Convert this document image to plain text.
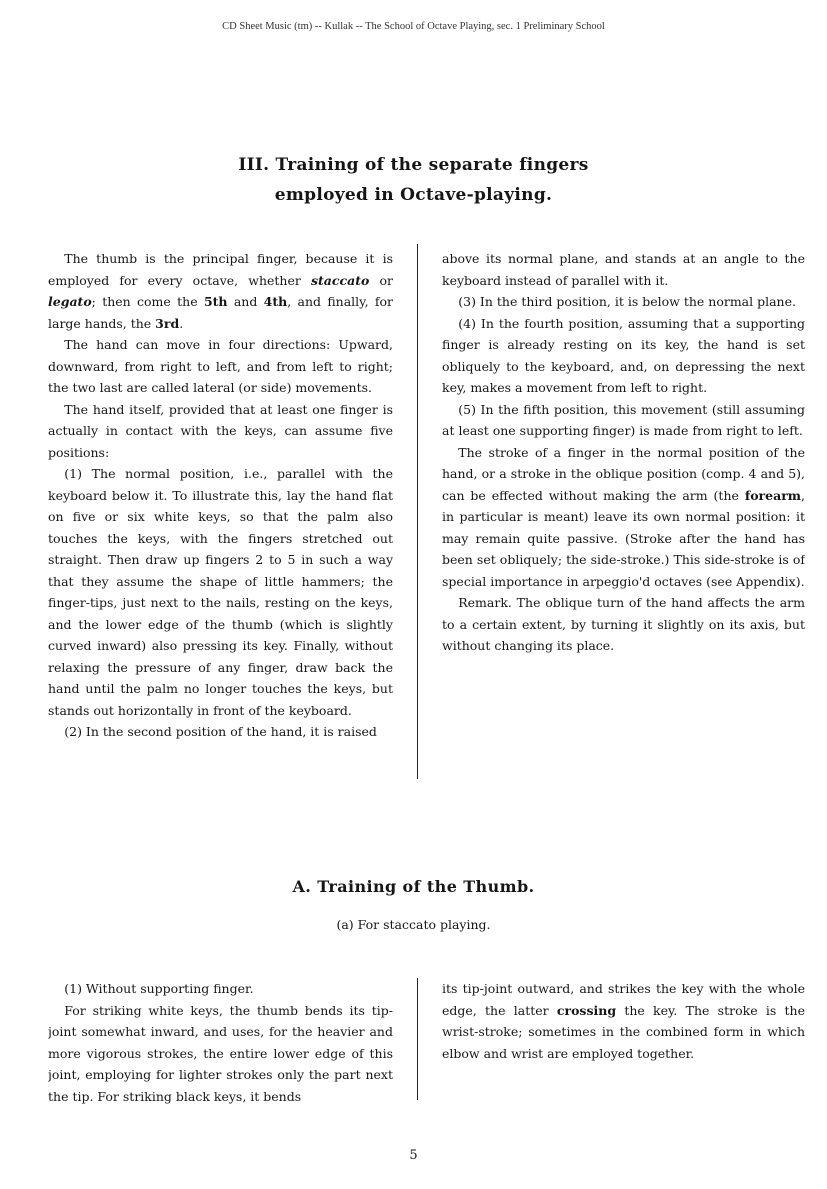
CD Sheet Music (tm) -- Kullak -- The School of Octave Playing, sec. 1 Preliminary School
III. Training of the separate fingers
employed in Octave-playing.

The thumb is the principal finger, because it is employed for every octave, whether staccato or legato; then come the 5th and 4th, and finally, for large hands, the 3rd.

The hand can move in four directions: Upward, downward, from right to left, and from left to right; the two last are called lateral (or side) movements.

The hand itself, provided that at least one finger is actually in contact with the keys, can assume five positions:

(1) The normal position, i.e., parallel with the keyboard below it. To illustrate this, lay the hand flat on five or six white keys, so that the palm also touches the keys, with the fingers stretched out straight. Then draw up fingers 2 to 5 in such a way that they assume the shape of little hammers; the finger-tips, just next to the nails, resting on the keys, and the lower edge of the thumb (which is slightly curved inward) also pressing its key. Finally, without relaxing the pressure of any finger, draw back the hand until the palm no longer touches the keys, but stands out horizontally in front of the keyboard.

(2) In the second position of the hand, it is raised

above its normal plane, and stands at an angle to the keyboard instead of parallel with it.

(3) In the third position, it is below the normal plane.

(4) In the fourth position, assuming that a supporting finger is already resting on its key, the hand is set obliquely to the keyboard, and, on depressing the next key, makes a movement from left to right.

(5) In the fifth position, this movement (still assuming at least one supporting finger) is made from right to left.

The stroke of a finger in the normal position of the hand, or a stroke in the oblique position (comp. 4 and 5), can be effected without making the arm (the forearm, in particular is meant) leave its own normal position: it may remain quite passive. (Stroke after the hand has been set obliquely; the side-stroke.) This side-stroke is of special importance in arpeggio'd octaves (see Appendix).

Remark. The oblique turn of the hand affects the arm to a certain extent, by turning it slightly on its axis, but without changing its place.

A. Training of the Thumb.
(a) For staccato playing.

(1) Without supporting finger.

For striking white keys, the thumb bends its tip-joint somewhat inward, and uses, for the heavier and more vigorous strokes, the entire lower edge of this joint, employing for lighter strokes only the part next the tip. For striking black keys, it bends

its tip-joint outward, and strikes the key with the whole edge, the latter crossing the key. The stroke is the wrist-stroke; sometimes in the combined form in which elbow and wrist are employed together.

5
